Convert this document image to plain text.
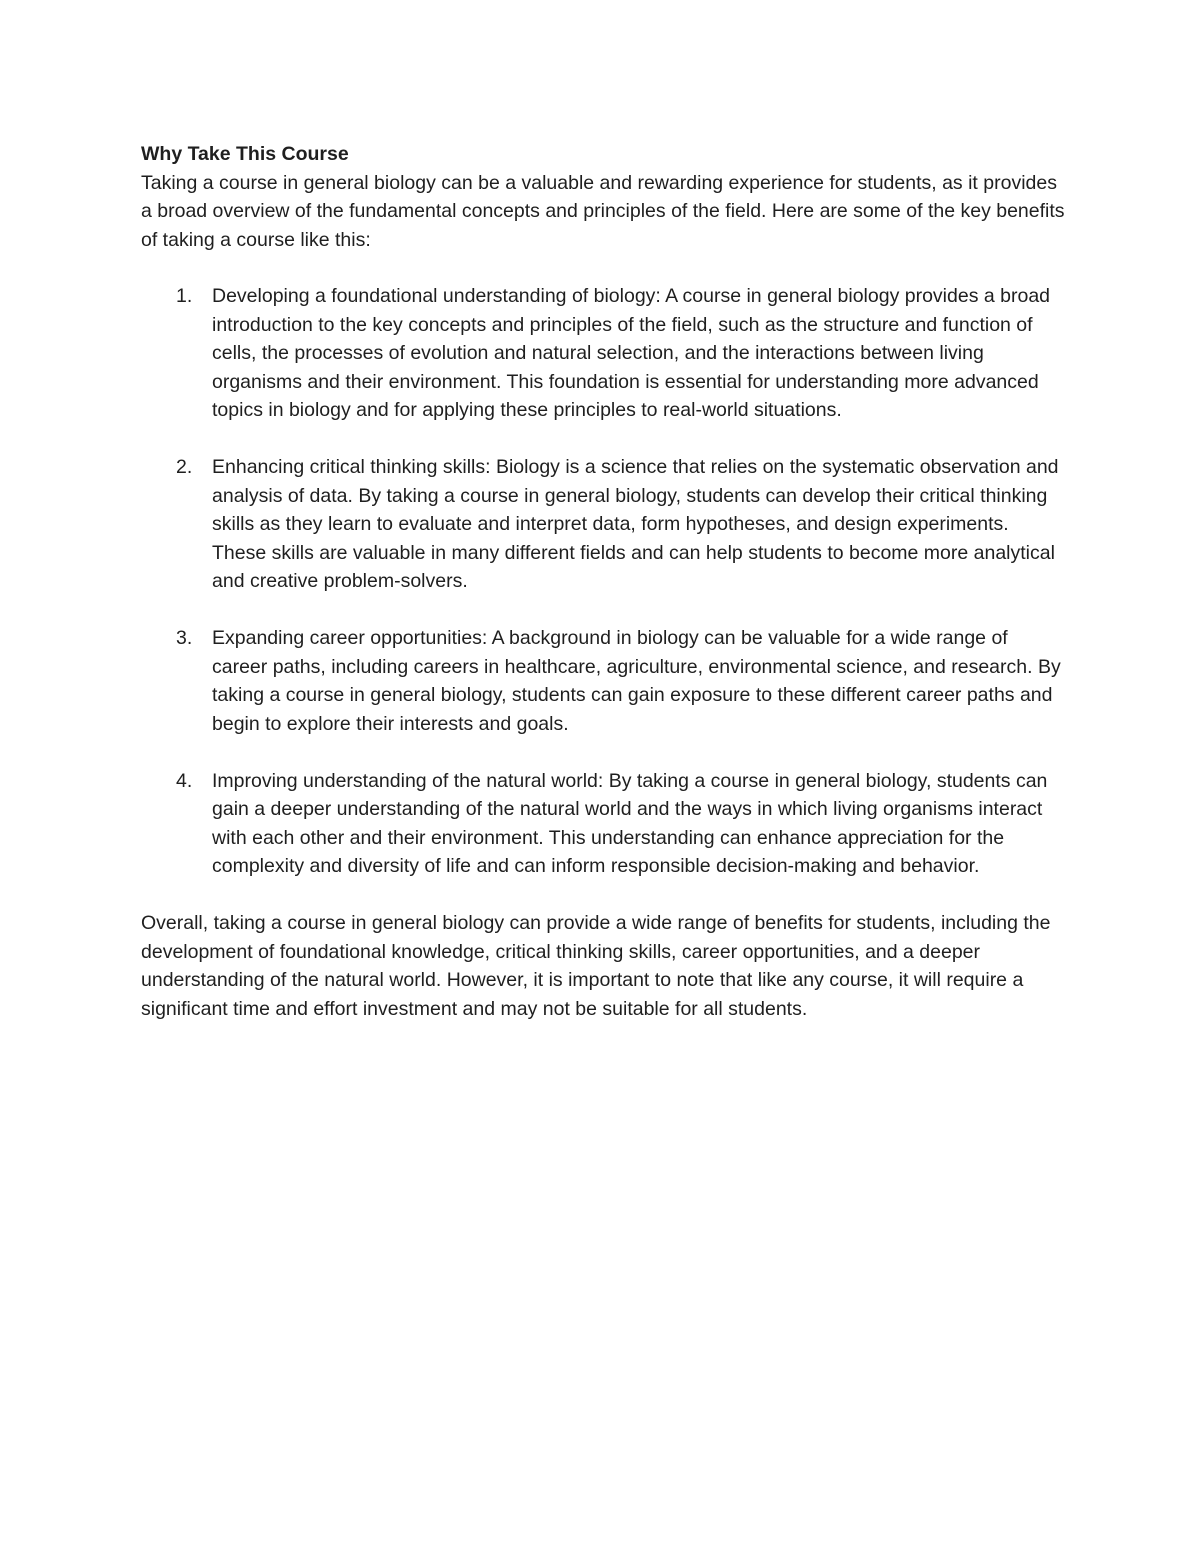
Why Take This Course

Taking a course in general biology can be a valuable and rewarding experience for students, as it provides a broad overview of the fundamental concepts and principles of the field. Here are some of the key benefits of taking a course like this:

1.	Developing a foundational understanding of biology: A course in general biology provides a broad introduction to the key concepts and principles of the field, such as the structure and function of cells, the processes of evolution and natural selection, and the interactions between living organisms and their environment. This foundation is essential for understanding more advanced topics in biology and for applying these principles to real-world situations.
2.	Enhancing critical thinking skills: Biology is a science that relies on the systematic observation and analysis of data. By taking a course in general biology, students can develop their critical thinking skills as they learn to evaluate and interpret data, form hypotheses, and design experiments. These skills are valuable in many different fields and can help students to become more analytical and creative problem-solvers.
3.	Expanding career opportunities: A background in biology can be valuable for a wide range of career paths, including careers in healthcare, agriculture, environmental science, and research. By taking a course in general biology, students can gain exposure to these different career paths and begin to explore their interests and goals.
4.	Improving understanding of the natural world: By taking a course in general biology, students can gain a deeper understanding of the natural world and the ways in which living organisms interact with each other and their environment. This understanding can enhance appreciation for the complexity and diversity of life and can inform responsible decision-making and behavior.

Overall, taking a course in general biology can provide a wide range of benefits for students, including the development of foundational knowledge, critical thinking skills, career opportunities, and a deeper understanding of the natural world. However, it is important to note that like any course, it will require a significant time and effort investment and may not be suitable for all students.
